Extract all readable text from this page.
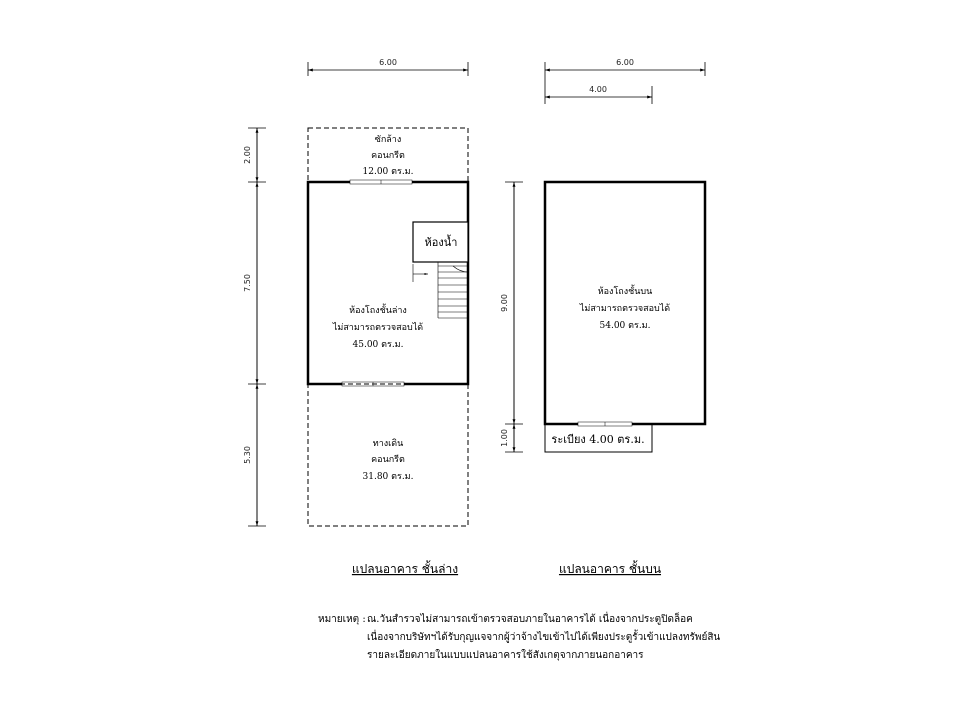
6.00
2.00
7.50
5.30
ซักล้าง
คอนกรีต
12.00 ตร.ม.
ห้องน้ำ
ห้องโถงชั้นล่าง
ไม่สามารถตรวจสอบได้
45.00 ตร.ม.
ทางเดิน
คอนกรีต
31.80 ตร.ม.
แปลนอาคาร ชั้นล่าง
6.00
4.00
9.00
1.00
ห้องโถงชั้นบน
ไม่สามารถตรวจสอบได้
54.00 ตร.ม.
ระเบียง 4.00 ตร.ม.
แปลนอาคาร ชั้นบน
หมายเหตุ : ณ.วันสำรวจไม่สามารถเข้าตรวจสอบภายในอาคารได้ เนื่องจากประตูปิดล็อค
เนื่องจากบริษัทฯได้รับกุญแจจากผู้ว่าจ้างไขเข้าไปได้เพียงประตูรั้วเข้าแปลงทรัพย์สิน
รายละเอียดภายในแบบแปลนอาคารใช้สังเกตุจากภายนอกอาคาร
